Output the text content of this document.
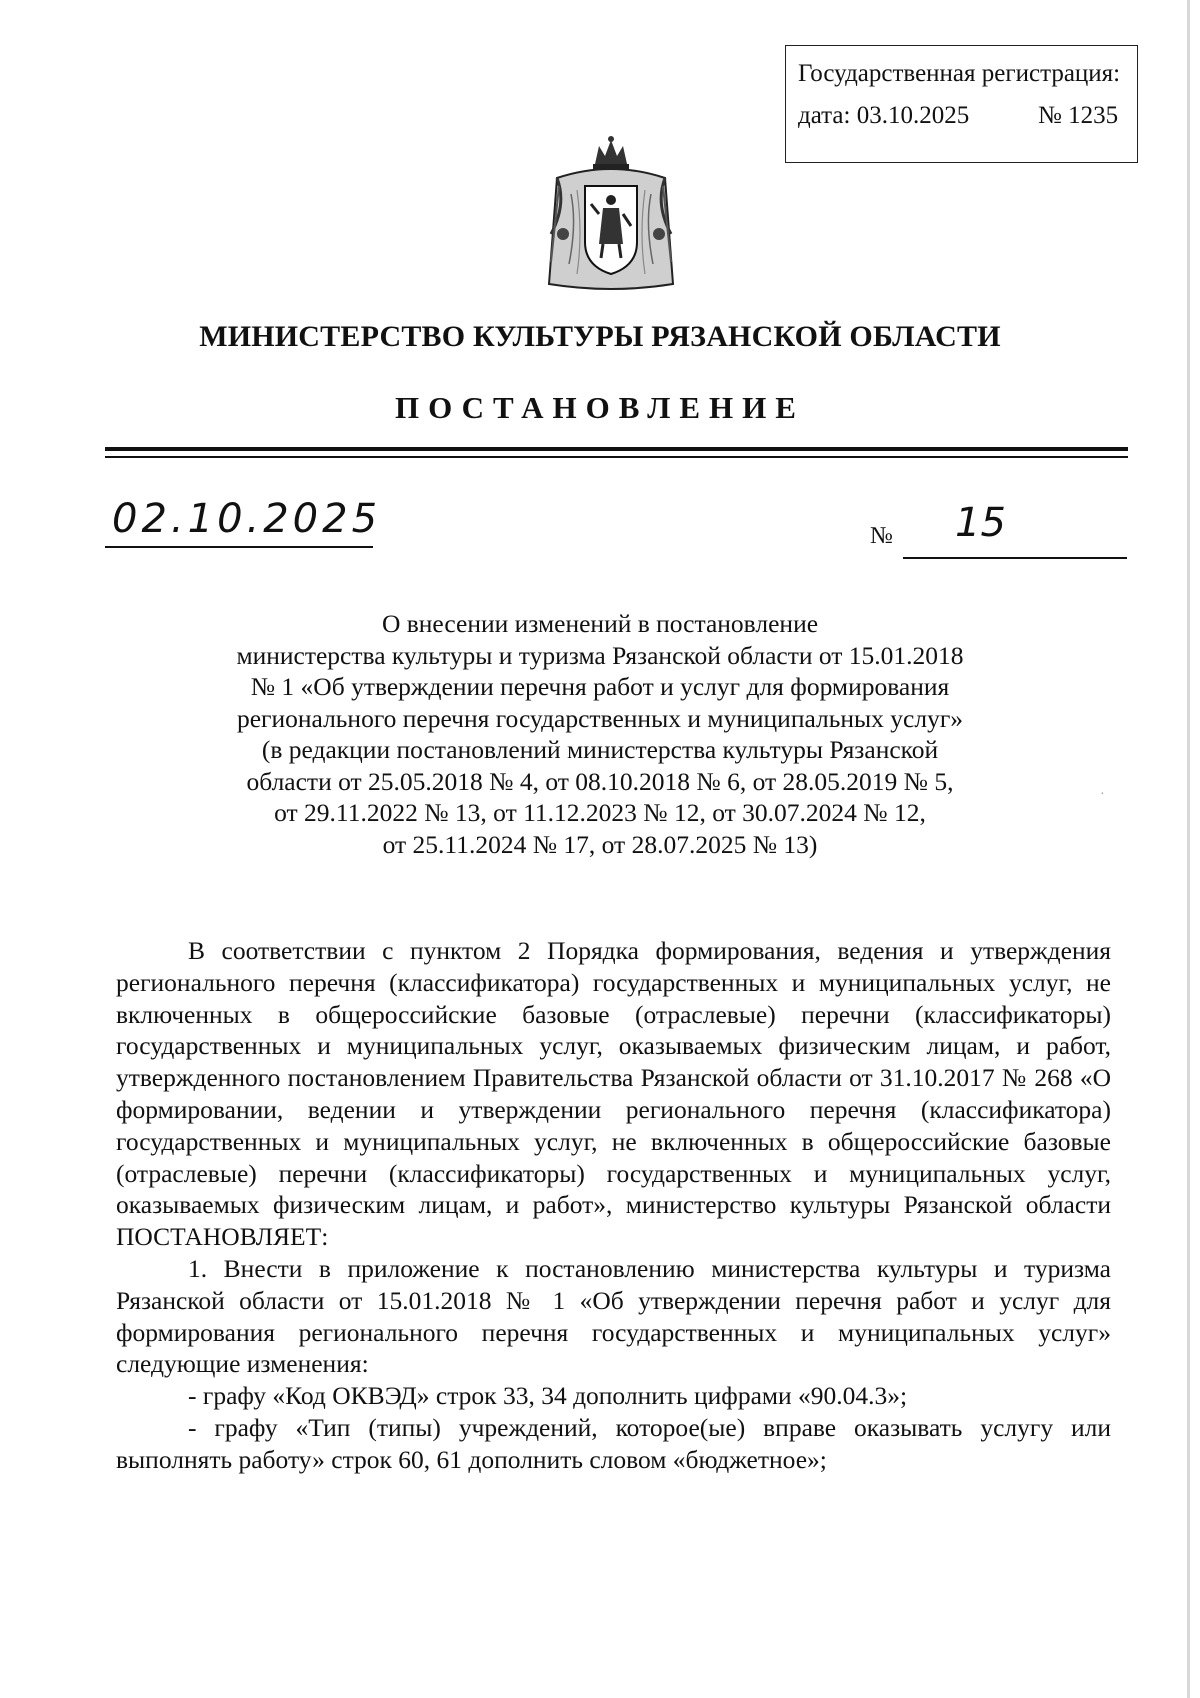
Государственная регистрация:
дата: 03.10.2025	№ 1235
МИНИСТЕРСТВО КУЛЬТУРЫ РЯЗАНСКОЙ ОБЛАСТИ
ПОСТАНОВЛЕНИЕ
02.10.2025	№ 15
О внесении изменений в постановление
министерства культуры и туризма Рязанской области от 15.01.2018
№ 1 «Об утверждении перечня работ и услуг для формирования
регионального перечня государственных и муниципальных услуг»
(в редакции постановлений министерства культуры Рязанской
области от 25.05.2018 № 4, от 08.10.2018 № 6, от 28.05.2019 № 5,
от 29.11.2022 № 13, от 11.12.2023 № 12, от 30.07.2024 № 12,
от 25.11.2024 № 17, от 28.07.2025 № 13)
·

В соответствии с пунктом 2 Порядка формирования, ведения и утверждения регионального перечня (классификатора) государственных и муниципальных услуг, не включенных в общероссийские базовые (отраслевые) перечни (классификаторы) государственных и муниципальных услуг, оказываемых физическим лицам, и работ, утвержденного постановлением Правительства Рязанской области от 31.10.2017 № 268 «О формировании, ведении и утверждении регионального перечня (классификатора) государственных и муниципальных услуг, не включенных в общероссийские базовые (отраслевые) перечни (классификаторы) государственных и муниципальных услуг, оказываемых физическим лицам, и работ», министерство культуры Рязанской области ПОСТАНОВЛЯЕТ:

1. Внести в приложение к постановлению министерства культуры и туризма Рязанской области от 15.01.2018 № 1 «Об утверждении перечня работ и услуг для формирования регионального перечня государственных и муниципальных услуг» следующие изменения:

- графу «Код ОКВЭД» строк 33, 34 дополнить цифрами «90.04.3»;

- графу «Тип (типы) учреждений, которое(ые) вправе оказывать услугу или выполнять работу» строк 60, 61 дополнить словом «бюджетное»;
